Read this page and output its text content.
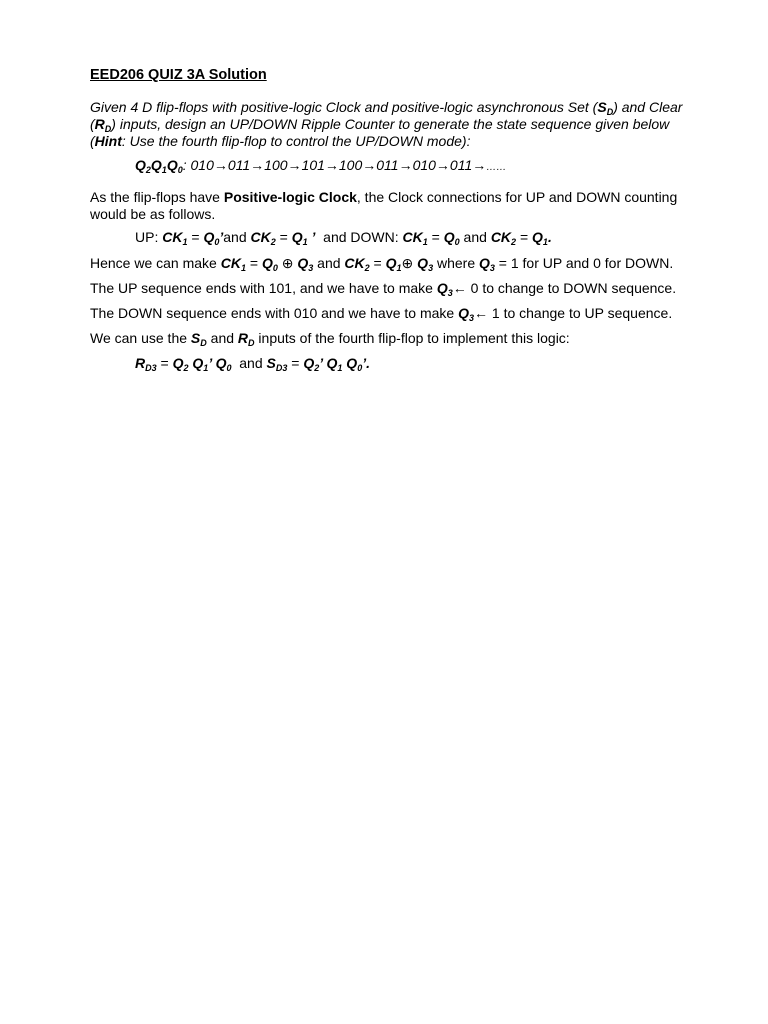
EED206 QUIZ 3A Solution
Given 4 D flip-flops with positive-logic Clock and positive-logic asynchronous Set $(S_D)$ and Clear
$(R_D)$ inputs, design an UP/DOWN Ripple Counter to generate the state sequence given below
(Hint: Use the fourth flip-flop to control the UP/DOWN mode):
$Q_2Q_1Q_0$: 010→011→100→101→100→011→010→011→……
As the flip-flops have Positive-logic Clock, the Clock connections for UP and DOWN counting
would be as follows.
UP: $CK_1$ = $Q_0’and$ $CK_2 = Q_1$ ’  and DOWN: $CK_1 = Q_0$ and $CK_2 = Q_1$.
Hence we can make $CK_1 = Q_0$ ⊕ $Q_3$ and $CK_2$ = $Q_1\oplus$ $Q_3$ where $Q_3 = 1$ for UP and 0 for DOWN.
The UP sequence ends with 101, and we have to make $Q_3\leftarrow$ 0 to change to DOWN sequence.
The DOWN sequence ends with 010 and we have to make $Q_3\leftarrow$ 1 to change to UP sequence.
We can use the $S_D$ and $R_D$ inputs of the fourth flip-flop to implement this logic:
$R_{D3} = Q_2$ $Q_1$’ $Q_0$  and $S_{D3} = Q_2$’ $Q_1$ $Q_0$’.
